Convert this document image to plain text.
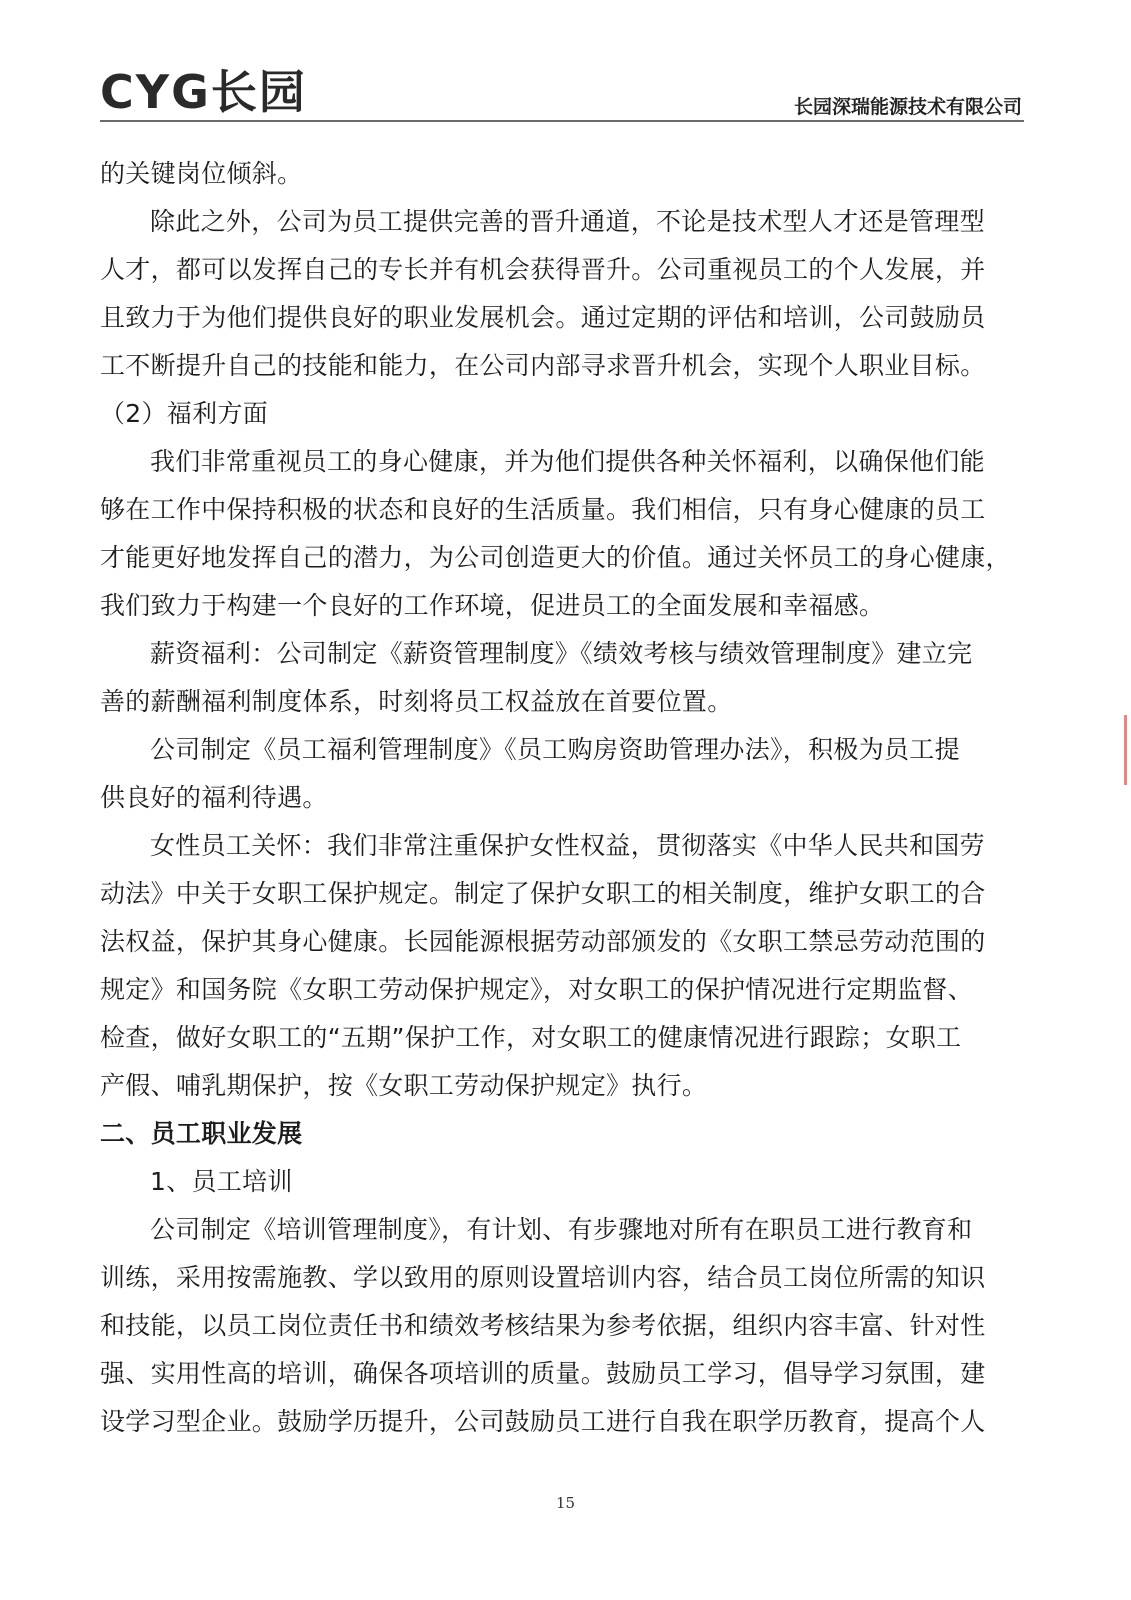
CYG长园	长园深瑞能源技术有限公司

的关键岗位倾斜。

除此之外，公司为员工提供完善的晋升通道，不论是技术型人才还是管理型

人才，都可以发挥自己的专长并有机会获得晋升。公司重视员工的个人发展，并

且致力于为他们提供良好的职业发展机会。通过定期的评估和培训，公司鼓励员

工不断提升自己的技能和能力，在公司内部寻求晋升机会，实现个人职业目标。

（2）福利方面

我们非常重视员工的身心健康，并为他们提供各种关怀福利，以确保他们能

够在工作中保持积极的状态和良好的生活质量。我们相信，只有身心健康的员工

才能更好地发挥自己的潜力，为公司创造更大的价值。通过关怀员工的身心健康，

我们致力于构建一个良好的工作环境，促进员工的全面发展和幸福感。

薪资福利：公司制定《薪资管理制度》《绩效考核与绩效管理制度》建立完

善的薪酬福利制度体系，时刻将员工权益放在首要位置。

公司制定《员工福利管理制度》《员工购房资助管理办法》，积极为员工提

供良好的福利待遇。

女性员工关怀：我们非常注重保护女性权益，贯彻落实《中华人民共和国劳

动法》中关于女职工保护规定。制定了保护女职工的相关制度，维护女职工的合

法权益，保护其身心健康。长园能源根据劳动部颁发的《女职工禁忌劳动范围的

规定》和国务院《女职工劳动保护规定》，对女职工的保护情况进行定期监督、

检查，做好女职工的“五期”保护工作，对女职工的健康情况进行跟踪；女职工

产假、哺乳期保护，按《女职工劳动保护规定》执行。

二、员工职业发展

1、员工培训

公司制定《培训管理制度》，有计划、有步骤地对所有在职员工进行教育和

训练，采用按需施教、学以致用的原则设置培训内容，结合员工岗位所需的知识

和技能，以员工岗位责任书和绩效考核结果为参考依据，组织内容丰富、针对性

强、实用性高的培训，确保各项培训的质量。鼓励员工学习，倡导学习氛围，建

设学习型企业。鼓励学历提升，公司鼓励员工进行自我在职学历教育，提高个人

15
